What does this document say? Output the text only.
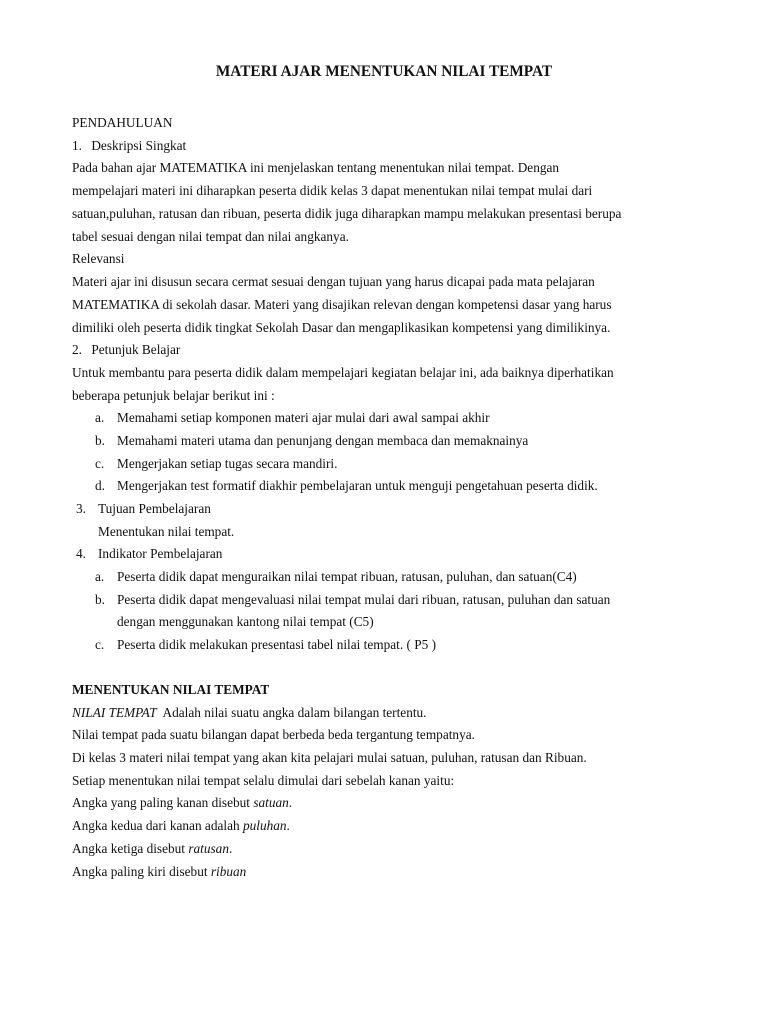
MATERI AJAR MENENTUKAN NILAI TEMPAT
PENDAHULUAN
1. Deskripsi Singkat
Pada bahan ajar MATEMATIKA ini menjelaskan tentang menentukan nilai tempat. Dengan
mempelajari materi ini diharapkan peserta didik kelas 3 dapat menentukan nilai tempat mulai dari
satuan,puluhan, ratusan dan ribuan, peserta didik juga diharapkan mampu melakukan presentasi berupa
tabel sesuai dengan nilai tempat dan nilai angkanya.
Relevansi
Materi ajar ini disusun secara cermat sesuai dengan tujuan yang harus dicapai pada mata pelajaran
MATEMATIKA di sekolah dasar. Materi yang disajikan relevan dengan kompetensi dasar yang harus
dimiliki oleh peserta didik tingkat Sekolah Dasar dan mengaplikasikan kompetensi yang dimilikinya.
2. Petunjuk Belajar
Untuk membantu para peserta didik dalam mempelajari kegiatan belajar ini, ada baiknya diperhatikan
beberapa petunjuk belajar berikut ini :
a. Memahami setiap komponen materi ajar mulai dari awal sampai akhir
b. Memahami materi utama dan penunjang dengan membaca dan memaknainya
c. Mengerjakan setiap tugas secara mandiri.
d. Mengerjakan test formatif diakhir pembelajaran untuk menguji pengetahuan peserta didik.
3. Tujuan Pembelajaran
Menentukan nilai tempat.
4. Indikator Pembelajaran
a. Peserta didik dapat menguraikan nilai tempat ribuan, ratusan, puluhan, dan satuan(C4)
b. Peserta didik dapat mengevaluasi nilai tempat mulai dari ribuan, ratusan, puluhan dan satuan
dengan menggunakan kantong nilai tempat (C5)
c. Peserta didik melakukan presentasi tabel nilai tempat. ( P5 )
MENENTUKAN NILAI TEMPAT
NILAI TEMPAT  Adalah nilai suatu angka dalam bilangan tertentu.
Nilai tempat pada suatu bilangan dapat berbeda beda tergantung tempatnya.
Di kelas 3 materi nilai tempat yang akan kita pelajari mulai satuan, puluhan, ratusan dan Ribuan.
Setiap menentukan nilai tempat selalu dimulai dari sebelah kanan yaitu:
Angka yang paling kanan disebut satuan.
Angka kedua dari kanan adalah puluhan.
Angka ketiga disebut ratusan.
Angka paling kiri disebut ribuan
